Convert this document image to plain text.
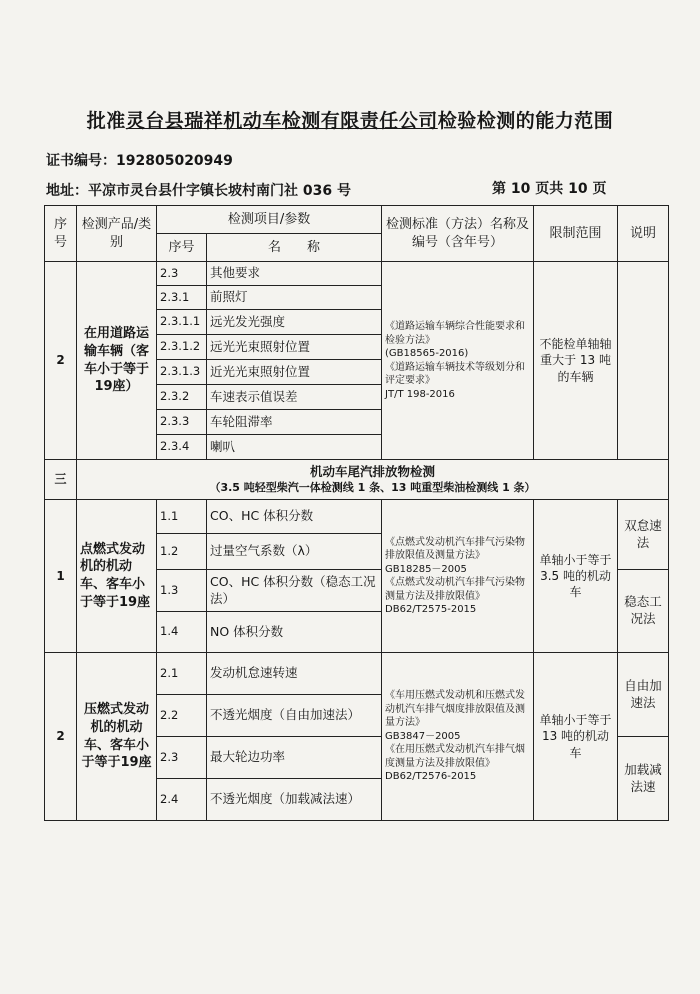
批准灵台县瑞祥机动车检测有限责任公司检验检测的能力范围
证书编号：192805020949
地址：平凉市灵台县什字镇长坡村南门社 036 号	第 10 页共 10 页
序号	检测产品/类别	检测项目/参数		检测标准（方法）名称及编号（含年号）	限制范围	说明
		序号	名　　称			
2	在用道路运输车辆（客车小于等于19座）	2.3	其他要求	《道路运输车辆综合性能要求和检验方法》
(GB18565-2016)
《道路运输车辆技术等级划分和评定要求》
JT/T 198-2016	不能检单轴轴重大于 13 吨的车辆	
		2.3.1	前照灯			
		2.3.1.1	远光发光强度			
		2.3.1.2	远光光束照射位置			
		2.3.1.3	近光光束照射位置			
		2.3.2	车速表示值误差			
		2.3.3	车轮阻滞率			
		2.3.4	喇叭			
三	机动车尾汽排放物检测
（3.5 吨轻型柴汽一体检测线 1 条、13 吨重型柴油检测线 1 条）					

1	点燃式发动机的机动车、客车小于等于19座	1.1	CO、HC 体积分数	《点燃式发动机汽车排气污染物排放限值及测量方法》
GB18285－2005
《点燃式发动机汽车排气污染物测量方法及排放限值》
DB62/T2575-2015	单轴小于等于 3.5 吨的机动车	双怠速法
		1.2	过量空气系数（λ）			
		1.3	CO、HC 体积分数（稳态工况法）			稳态工况法
		1.4	NO 体积分数			
2	压燃式发动机的机动车、客车小于等于19座	2.1	发动机怠速转速	《车用压燃式发动机和压燃式发动机汽车排气烟度排放限值及测量方法》
GB3847－2005
《在用压燃式发动机汽车排气烟度测量方法及排放限值》
DB62/T2576-2015	单轴小于等于 13 吨的机动车	自由加速法
		2.2	不透光烟度（自由加速法）			
		2.3	最大轮边功率			加载减法速
		2.4	不透光烟度（加载减法速）			
